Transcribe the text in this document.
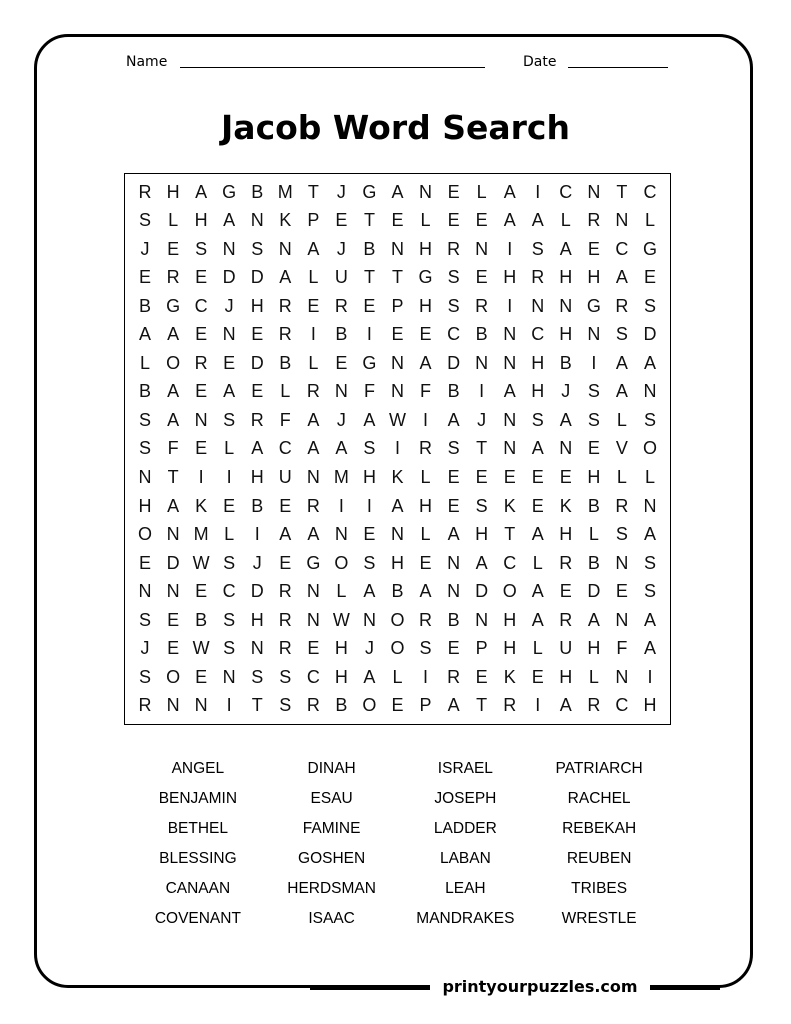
Name	Date
Jacob Word Search
R H A G B M T	J G A N E L A	I	C N T C
S L H A N K P E T E L E E A A L R N L
J E S N S N A J B N H R N	I	S A E C G
E R E D D A L U T T G S E H R H H A E
B G C J H R E R E P H S R	I	N N G R S
A A E N E R	I	B	I	E E C B N C H N S D
L O R E D B L E G N A D N N H B	I	A A
B A E A E L R N F N F B	I	A H J S A N
S A N S R F A J A W I	A J N S A S L S
S F E L A C A A S	I	R S T N A N E V O
N T	I	I	H U N M H K L E E E E E H L	L
H A K E B E R	I	I	A H E S K E K B R N
O N M L	I	A A N E N L A H T A H L S A
E D W S J E G O S H E N A C L R B N S
N N E C D R N L A B A N D O A E D E S
S E B S H R N W N O R B N H A R A N A
J E W S N R E H J O S E P H L U H F A
S O E N S S C H A L	I	R E K E H L N	I
R N N	I	T S R B O E P A T R	I	A R C H
ANGEL	DINAH	ISRAEL	PATRIARCH
BENJAMIN	ESAU	JOSEPH	RACHEL
BETHEL	FAMINE	LADDER	REBEKAH
BLESSING	GOSHEN	LABAN	REUBEN
CANAAN	HERDSMAN	LEAH	TRIBES
COVENANT	ISAAC	MANDRAKES	WRESTLE
printyourpuzzles.com
